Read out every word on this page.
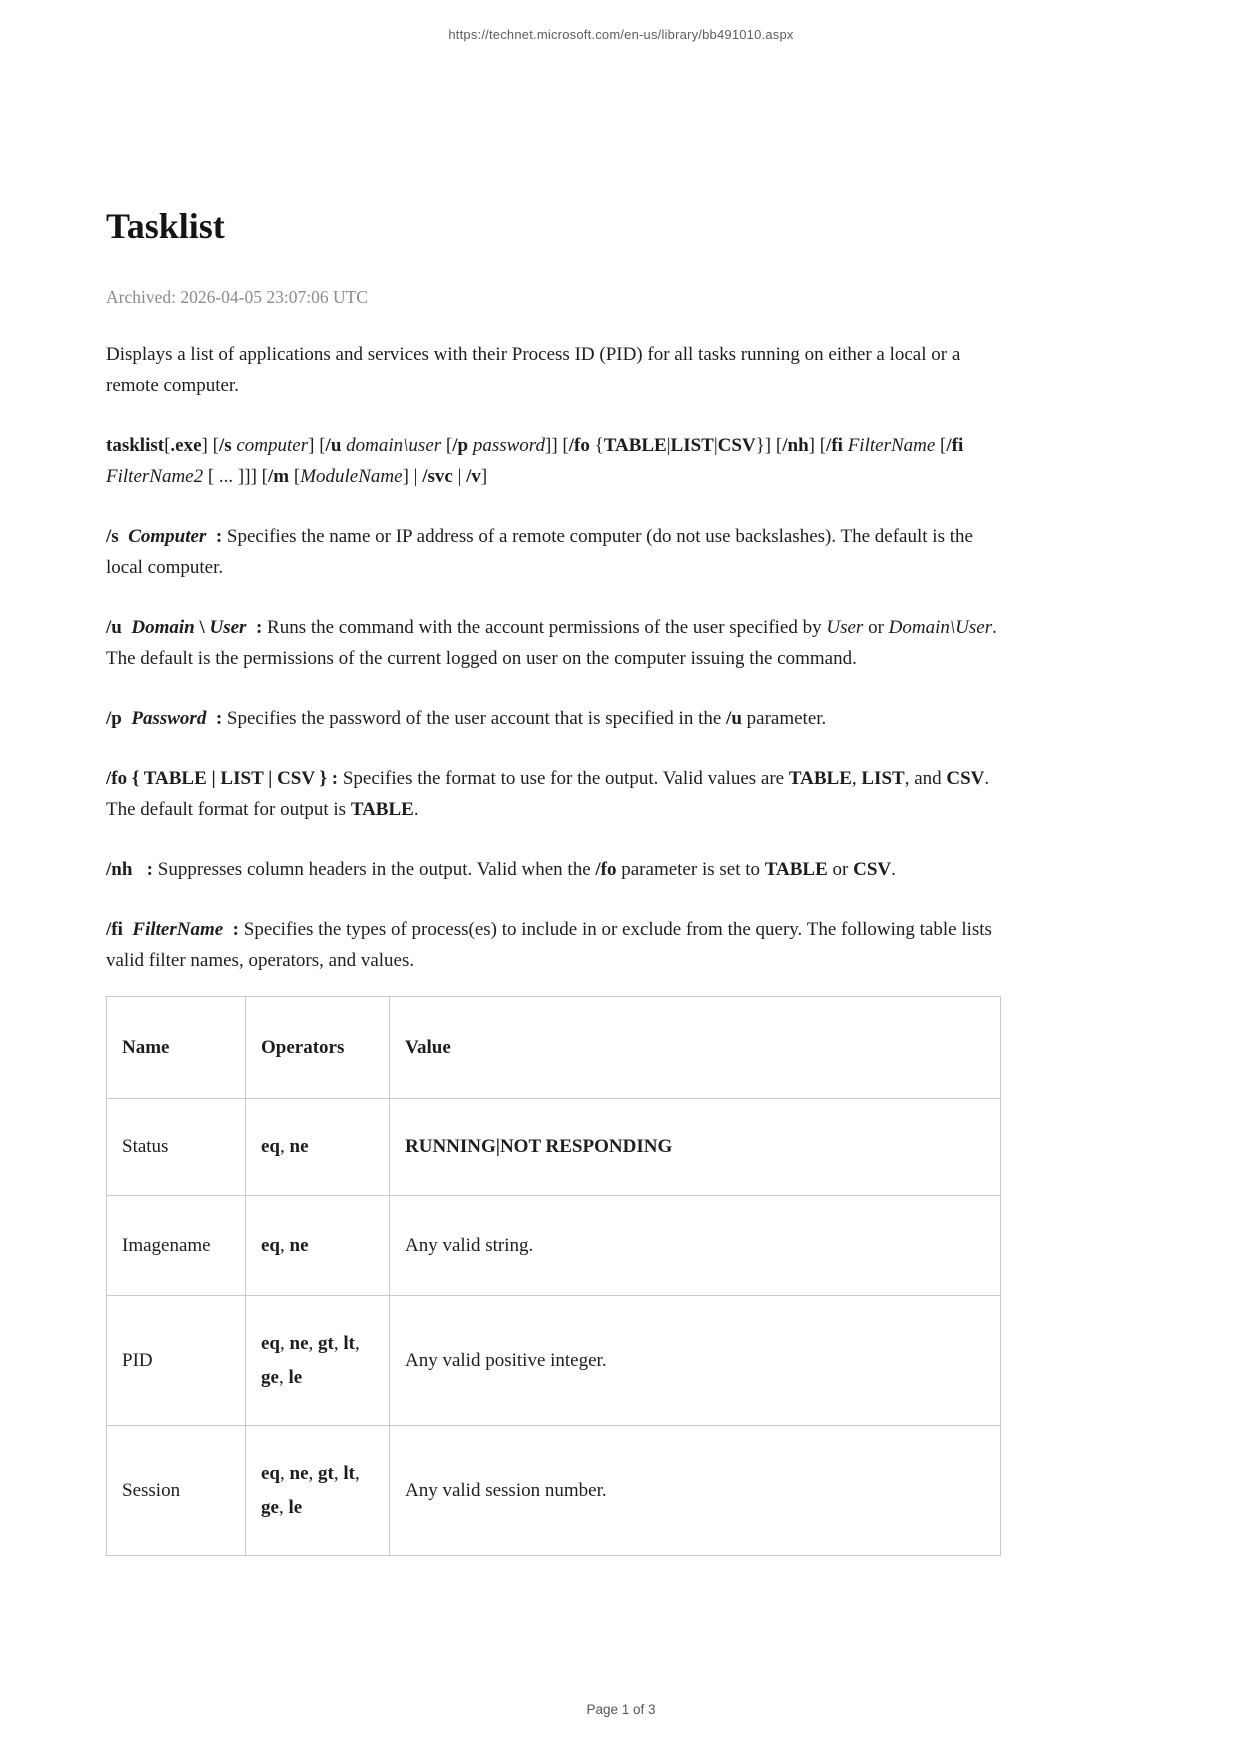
https://technet.microsoft.com/en-us/library/bb491010.aspx
Tasklist

Archived: 2026-04-05 23:07:06 UTC

Displays a list of applications and services with their Process ID (PID) for all tasks running on either a local or a remote computer.

tasklist[.exe] [/s computer] [/u domain\user [/p password]] [/fo {TABLE|LIST|CSV}] [/nh] [/fi FilterName [/fi FilterName2 [ ... ]]] [/m [ModuleName] | /svc | /v]

/s Computer : Specifies the name or IP address of a remote computer (do not use backslashes). The default is the local computer.

/u Domain \ User : Runs the command with the account permissions of the user specified by User or Domain\User. The default is the permissions of the current logged on user on the computer issuing the command.

/p Password : Specifies the password of the user account that is specified in the /u parameter.

/fo { TABLE | LIST | CSV } : Specifies the format to use for the output. Valid values are TABLE, LIST, and CSV. The default format for output is TABLE.

/nh : Suppresses column headers in the output. Valid when the /fo parameter is set to TABLE or CSV.

/fi FilterName : Specifies the types of process(es) to include in or exclude from the query. The following table lists valid filter names, operators, and values.

Name	Operators	Value
Status	eq, ne	RUNNING|NOT RESPONDING
Imagename	eq, ne	Any valid string.
PID	eq, ne, gt, lt, ge, le	Any valid positive integer.
Session	eq, ne, gt, lt, ge, le	Any valid session number.
Page 1 of 3
